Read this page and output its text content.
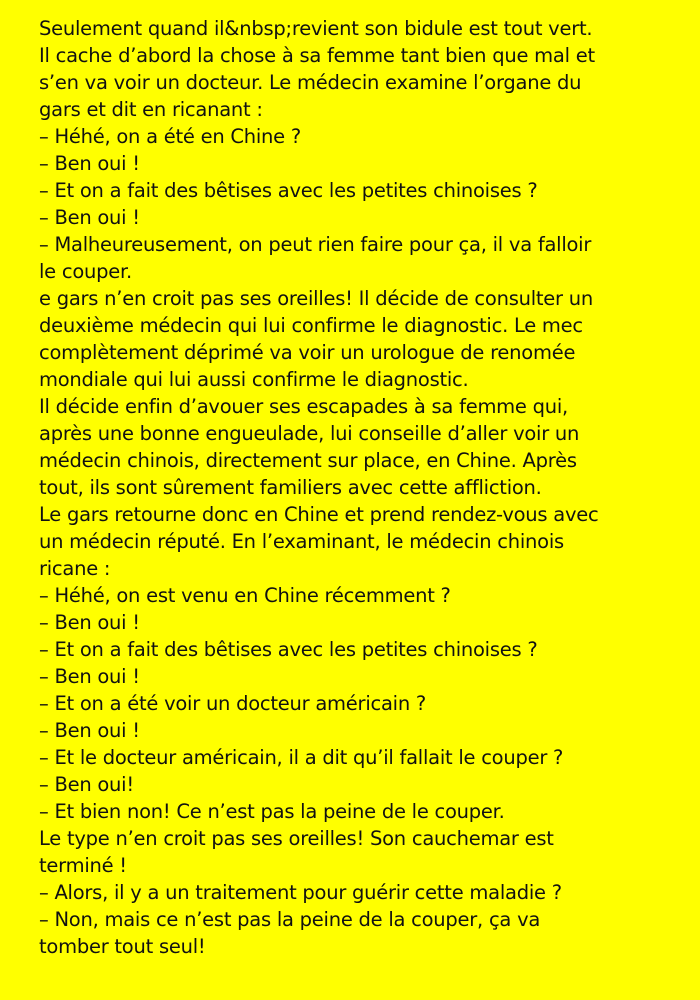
Seulement quand il&nbsp;revient son bidule est tout vert.
Il cache d’abord la chose à sa femme tant bien que mal et
s’en va voir un docteur. Le médecin examine l’organe du
gars et dit en ricanant :
– Héhé, on a été en Chine ?
– Ben oui !
– Et on a fait des bêtises avec les petites chinoises ?
– Ben oui !
– Malheureusement, on peut rien faire pour ça, il va falloir
le couper.
e gars n’en croit pas ses oreilles! Il décide de consulter un
deuxième médecin qui lui confirme le diagnostic. Le mec
complètement déprimé va voir un urologue de renomée
mondiale qui lui aussi confirme le diagnostic.
Il décide enfin d’avouer ses escapades à sa femme qui,
après une bonne engueulade, lui conseille d’aller voir un
médecin chinois, directement sur place, en Chine. Après
tout, ils sont sûrement familiers avec cette affliction.
Le gars retourne donc en Chine et prend rendez-vous avec
un médecin réputé. En l’examinant, le médecin chinois
ricane :
– Héhé, on est venu en Chine récemment ?
– Ben oui !
– Et on a fait des bêtises avec les petites chinoises ?
– Ben oui !
– Et on a été voir un docteur américain ?
– Ben oui !
– Et le docteur américain, il a dit qu’il fallait le couper ?
– Ben oui!
– Et bien non! Ce n’est pas la peine de le couper.
Le type n’en croit pas ses oreilles! Son cauchemar est
terminé !
– Alors, il y a un traitement pour guérir cette maladie ?
– Non, mais ce n’est pas la peine de la couper, ça va
tomber tout seul!
